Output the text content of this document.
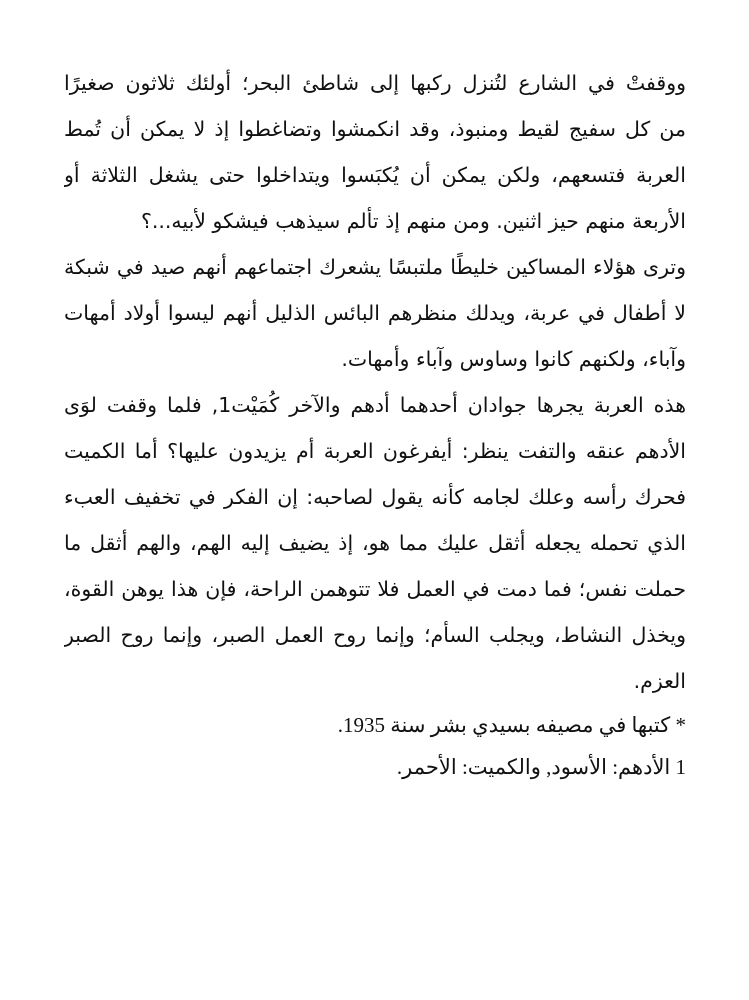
ووقفتْ في الشارع لتُنزل ركبها إلى شاطئ البحر؛ أولئك ثلاثون صغيرًا
من كل سفيج لقيط ومنبوذ، وقد انكمشوا وتضاغطوا إذ لا يمكن أن تُمط
العربة فتسعهم، ولكن يمكن أن يُكبَسوا ويتداخلوا حتى يشغل الثلاثة أو
الأربعة منهم حيز اثنين. ومن منهم إذ تألم سيذهب فيشكو لأبيه...؟
وترى هؤلاء المساكين خليطًا ملتبسًا يشعرك اجتماعهم أنهم صيد في شبكة
لا أطفال في عربة، ويدلك منظرهم البائس الذليل أنهم ليسوا أولاد أمهات
وآباء، ولكنهم كانوا وساوس وآباء وأمهات.
هذه العربة يجرها جوادان أحدهما أدهم والآخر كُمَيْت1, فلما وقفت لوَى
الأدهم عنقه والتفت ينظر: أيفرغون العربة أم يزيدون عليها؟ أما الكميت
فحرك رأسه وعلك لجامه كأنه يقول لصاحبه: إن الفكر في تخفيف العبء
الذي تحمله يجعله أثقل عليك مما هو، إذ يضيف إليه الهم، والهم أثقل ما
حملت نفس؛ فما دمت في العمل فلا تتوهمن الراحة، فإن هذا يوهن القوة،
ويخذل النشاط، ويجلب السأم؛ وإنما روح العمل الصبر، وإنما روح الصبر
العزم.
* كتبها في مصيفه بسيدي بشر سنة 1935.
1 الأدهم: الأسود, والكميت: الأحمر.
